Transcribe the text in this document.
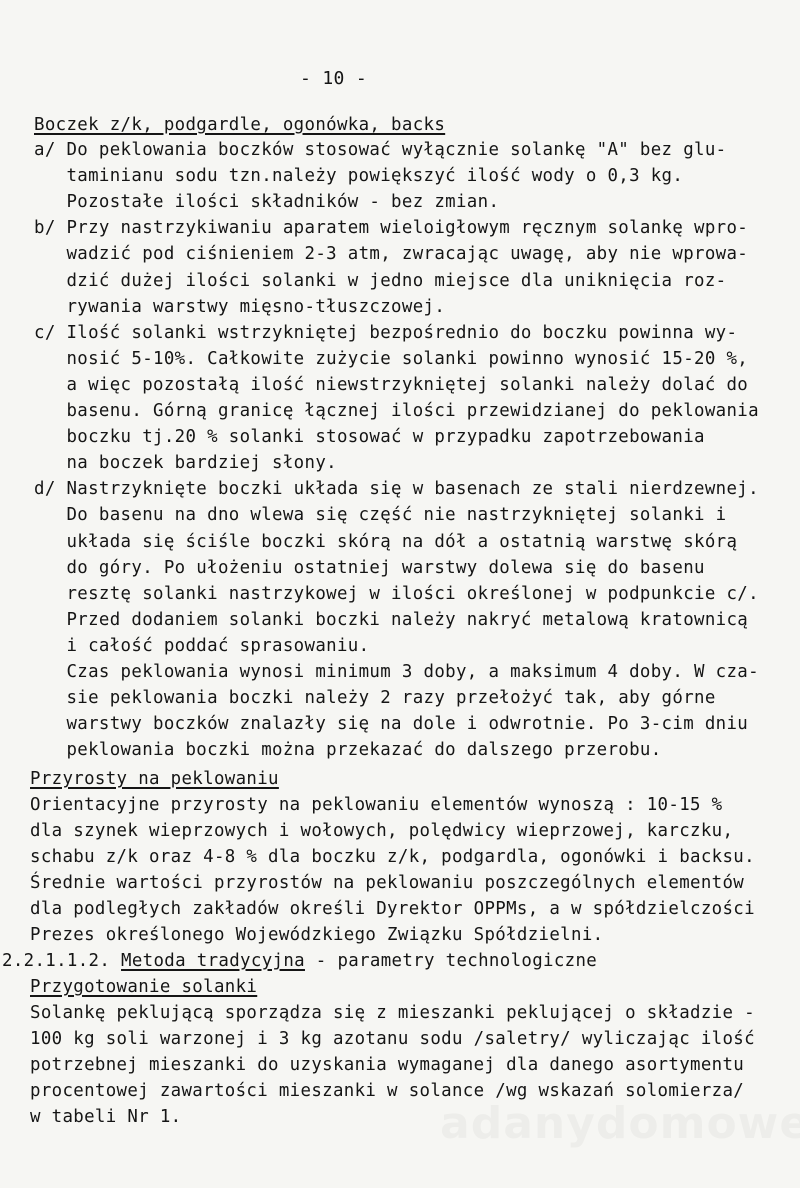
- 10 -
Boczek z/k, podgardle, ogonówka, backs
a/ Do peklowania boczków stosować wyłącznie solankę "A" bez glu-
taminianu sodu tzn.należy powiększyć ilość wody o 0,3 kg.
Pozostałe ilości składników - bez zmian.
b/ Przy nastrzykiwaniu aparatem wieloigłowym ręcznym solankę wpro-
wadzić pod ciśnieniem 2-3 atm, zwracając uwagę, aby nie wprowa-
dzić dużej ilości solanki w jedno miejsce dla uniknięcia roz-
rywania warstwy mięsno-tłuszczowej.
c/ Ilość solanki wstrzykniętej bezpośrednio do boczku powinna wy-
nosić 5-10%. Całkowite zużycie solanki powinno wynosić 15-20 %,
a więc pozostałą ilość niewstrzykniętej solanki należy dolać do
basenu. Górną granicę łącznej ilości przewidzianej do peklowania
boczku tj.20 % solanki stosować w przypadku zapotrzebowania
na boczek bardziej słony.
d/ Nastrzyknięte boczki układa się w basenach ze stali nierdzewnej.
Do basenu na dno wlewa się część nie nastrzykniętej solanki i
układa się ściśle boczki skórą na dół a ostatnią warstwę skórą
do góry. Po ułożeniu ostatniej warstwy dolewa się do basenu
resztę solanki nastrzykowej w ilości określonej w podpunkcie c/.
Przed dodaniem solanki boczki należy nakryć metalową kratownicą
i całość poddać sprasowaniu.
Czas peklowania wynosi minimum 3 doby, a maksimum 4 doby. W cza-
sie peklowania boczki należy 2 razy przełożyć tak, aby górne
warstwy boczków znalazły się na dole i odwrotnie. Po 3-cim dniu
peklowania boczki można przekazać do dalszego przerobu.
Przyrosty na peklowaniu
Orientacyjne przyrosty na peklowaniu elementów wynoszą : 10-15 %
dla szynek wieprzowych i wołowych, polędwicy wieprzowej, karczku,
schabu z/k oraz 4-8 % dla boczku z/k, podgardla, ogonówki i backsu.
Średnie wartości przyrostów na peklowaniu poszczególnych elementów
dla podległych zakładów określi Dyrektor OPPMs, a w spółdzielczości
Prezes określonego Wojewódzkiego Związku Spółdzielni.
2.2.1.1.2. Metoda tradycyjna - parametry technologiczne
Przygotowanie solanki
Solankę peklującą sporządza się z mieszanki peklującej o składzie -
100 kg soli warzonej i 3 kg azotanu sodu /saletry/ wyliczając ilość
potrzebnej mieszanki do uzyskania wymaganej dla danego asortymentu
procentowej zawartości mieszanki w solance /wg wskazań solomierza/
w tabeli Nr 1.
